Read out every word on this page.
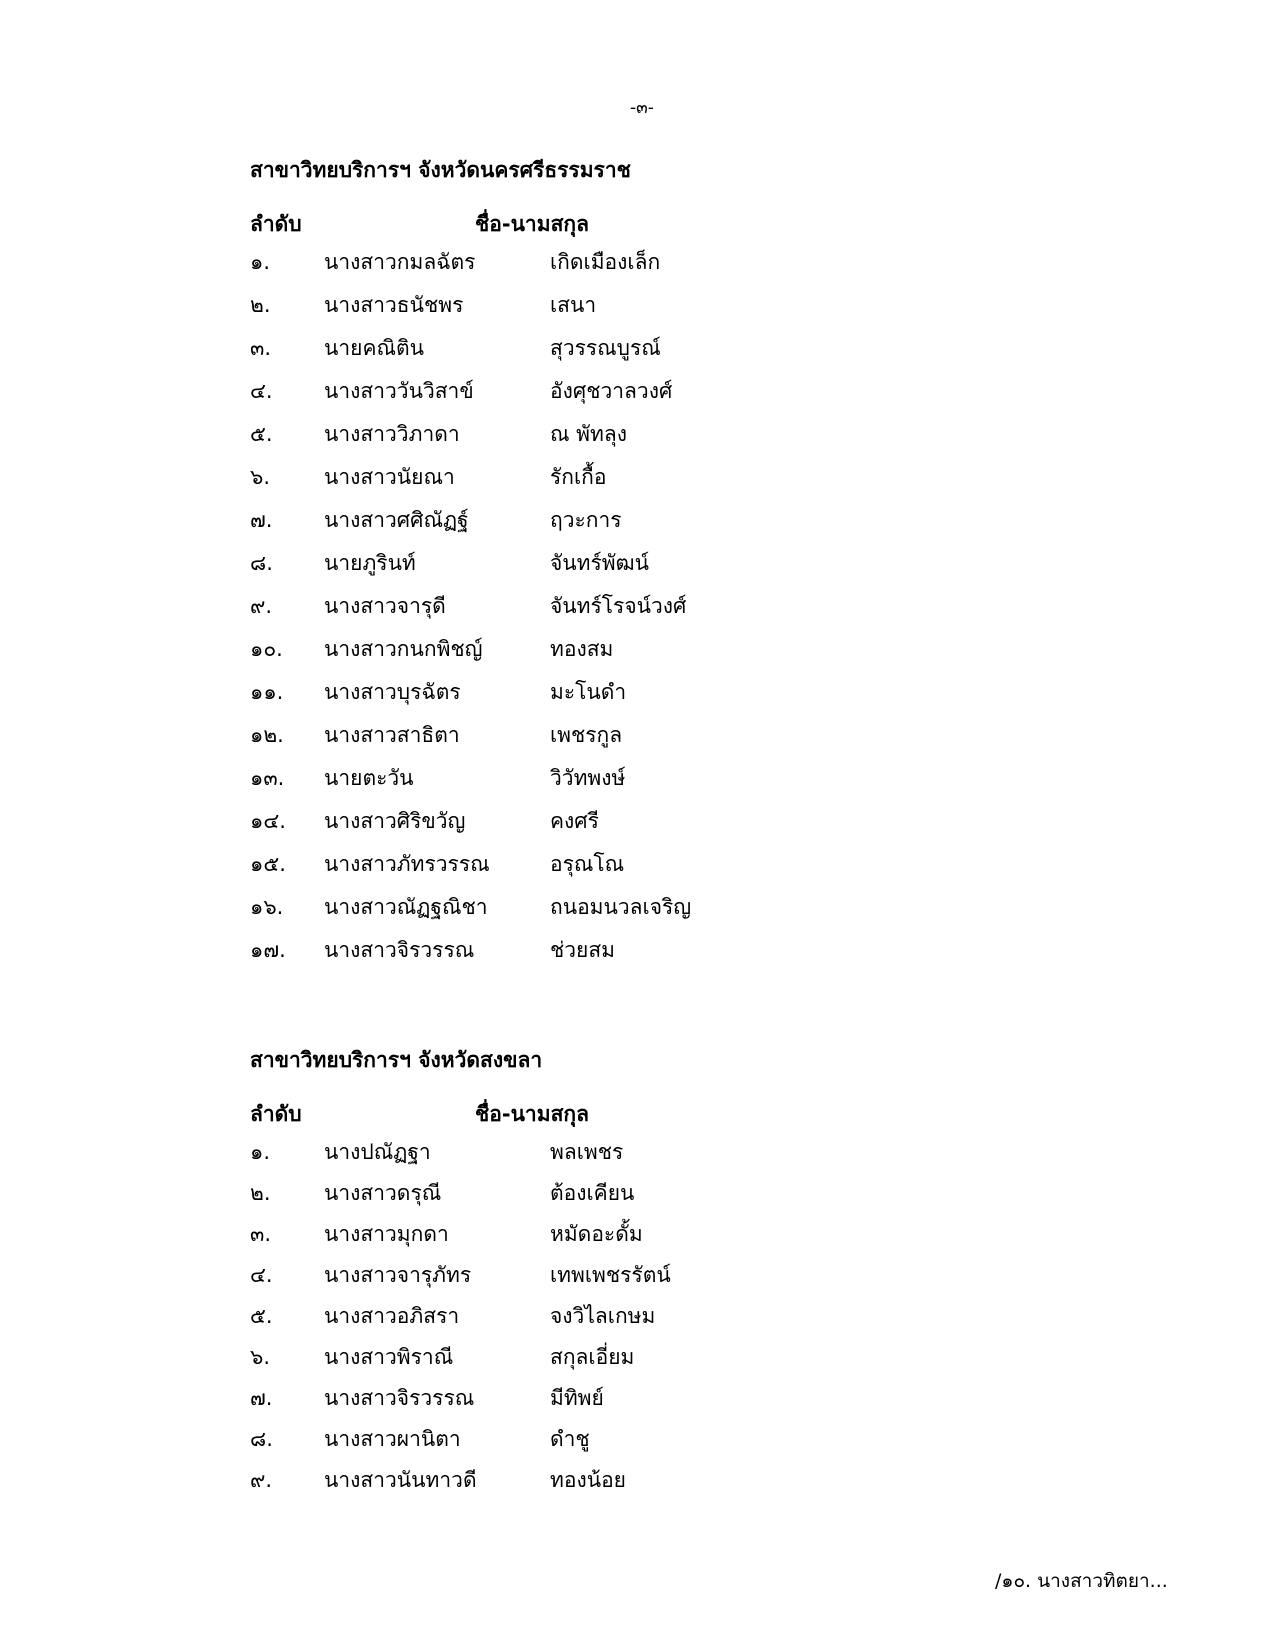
-๓-
สาขาวิทยบริการฯ จังหวัดนครศรีธรรมราช
ลำดับ	ชื่อ-นามสกุล
๑.	นางสาวกมลฉัตร	เกิดเมืองเล็ก
๒.	นางสาวธนัชพร	เสนา
๓.	นายคณิติน	สุวรรณบูรณ์
๔. นางสาววันวิสาข์	อังศุชวาลวงศ์
๕. นางสาววิภาดา	ณ พัทลุง
๖.	นางสาวนัยณา	รักเกื้อ
๗. นางสาวศศิณัฏฐ์	ฤวะการ
๘. นายภูรินท์	จันทร์พัฒน์
๙. นางสาวจารุดี	จันทร์โรจน์วงศ์
๑๐. นางสาวกนกพิชญ์	ทองสม
๑๑. นางสาวบุรฉัตร	มะโนดำ
๑๒. นางสาวสาธิตา	เพชรกูล
๑๓. นายตะวัน	วิวัทพงษ์
๑๔. นางสาวศิริขวัญ	คงศรี
๑๕. นางสาวภัทรวรรณ	อรุณโณ
๑๖. นางสาวณัฏฐณิชา	ถนอมนวลเจริญ
๑๗. นางสาวจิรวรรณ	ช่วยสม
สาขาวิทยบริการฯ จังหวัดสงขลา
ลำดับ	ชื่อ-นามสกุล
๑.	นางปณัฏฐา	พลเพชร
๒.	นางสาวดรุณี	ต้องเคียน
๓.	นางสาวมุกดา	หมัดอะดั้ม
๔. นางสาวจารุภัทร	เทพเพชรรัตน์
๕. นางสาวอภิสรา	จงวิไลเกษม
๖.	นางสาวพิราณี	สกุลเอี่ยม
๗. นางสาวจิรวรรณ	มีทิพย์
๘. นางสาวผานิตา	ดำชู
๙. นางสาวนันทาวดี	ทองน้อย
/๑๐. นางสาวทิตยา...
